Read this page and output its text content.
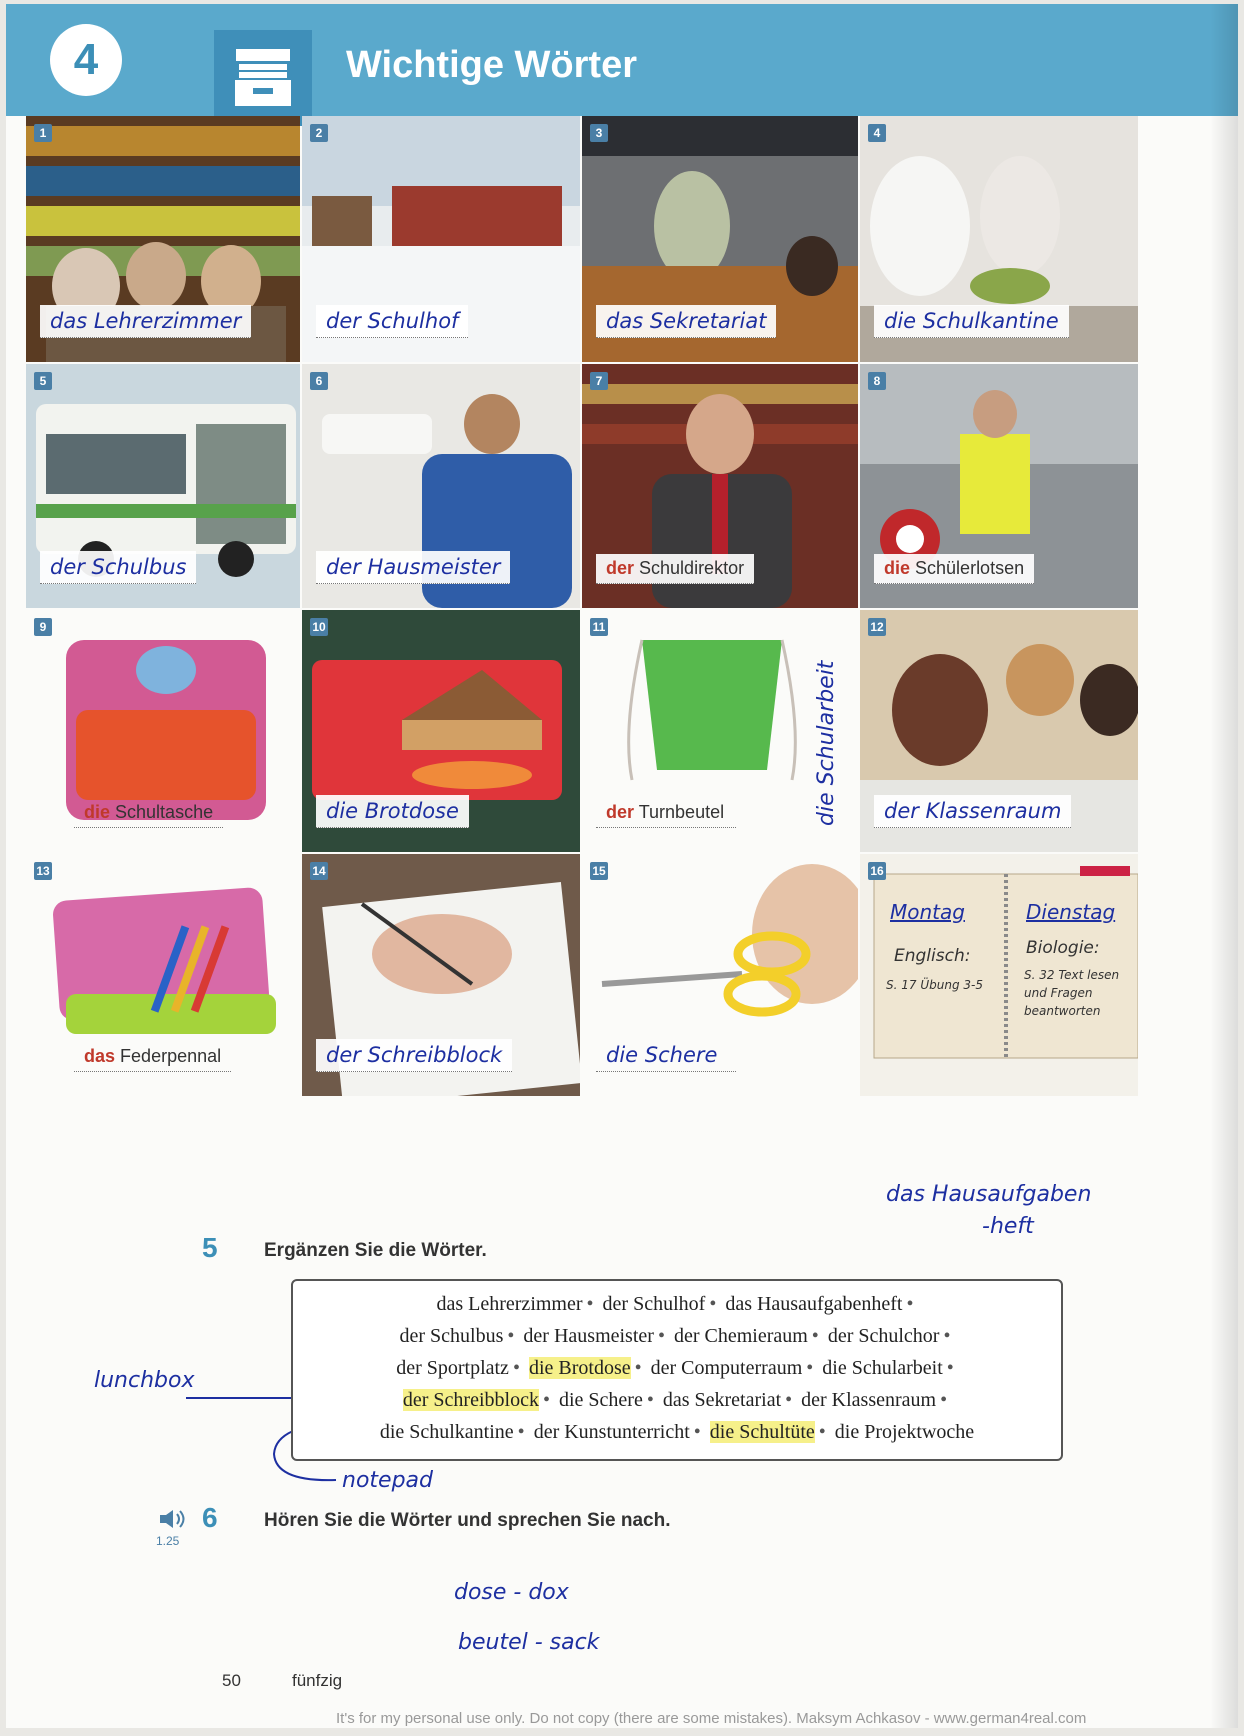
4	Wichtige Wörter
1
das Lehrerzimmer
2
der Schulhof
3
das Sekretariat
4
die Schulkantine
5
der Schulbus
6
der Hausmeister
7
der Schuldirektor
8
die Schülerlotsen
9
die Schultasche
10
die Brotdose
11
der Turnbeutel
12
der Klassenraum
13
das Federpennal
14
der Schreibblock
15
die Schere
16
Montag
Englisch:
S. 17 Übung 3-5
Dienstag
Biologie:
S. 32 Text lesen und Fragen beantworten
die Schularbeit
das Hausaufgaben
-heft
lunchbox
notepad
dose - dox
beutel - sack
5 Ergänzen Sie die Wörter.
das Lehrerzimmer • der Schulhof • das Hausaufgabenheft •
der Schulbus • der Hausmeister • der Chemieraum • der Schulchor •
der Sportplatz • die Brotdose • der Computerraum • die Schularbeit •
der Schreibblock • die Schere • das Sekretariat • der Klassenraum •
die Schulkantine • der Kunstunterricht • die Schultüte • die Projektwoche
1.25
6 Hören Sie die Wörter und sprechen Sie nach.
50	fünfzig
It's for my personal use only. Do not copy (there are some mistakes). Maksym Achkasov - www.german4real.com
